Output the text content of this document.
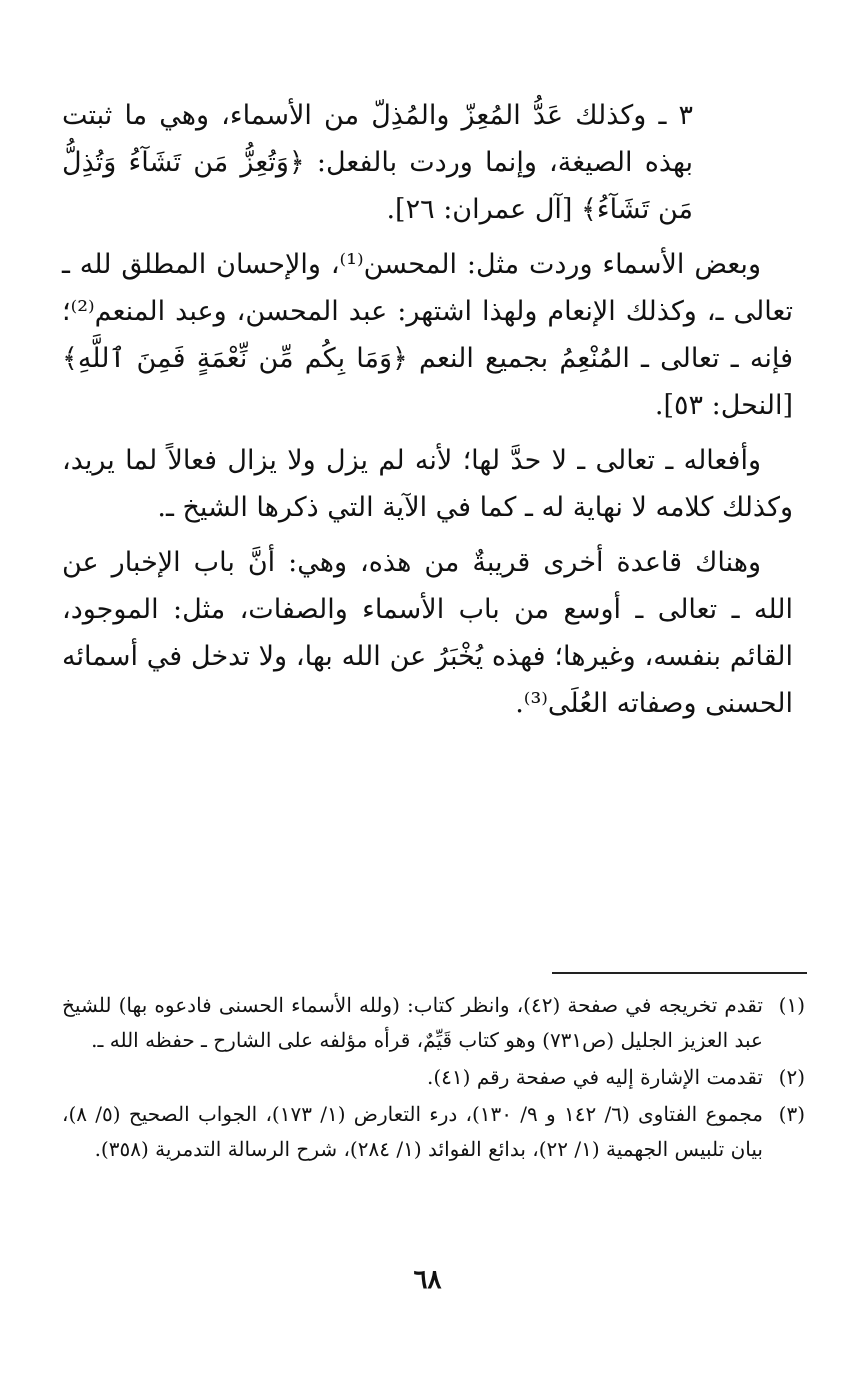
٣ ـ وكذلك عَدُّ المُعِزّ والمُذِلّ من الأسماء، وهي ما ثبتت بهذه الصيغة، وإنما وردت بالفعل: ﴿وَتُعِزُّ مَن تَشَآءُ وَتُذِلُّ مَن تَشَآءُ﴾ [آل عمران: ٢٦].

وبعض الأسماء وردت مثل: المحسن⁽¹⁾، والإحسان المطلق لله ـ تعالى ـ، وكذلك الإنعام ولهذا اشتهر: عبد المحسن، وعبد المنعم⁽²⁾؛ فإنه ـ تعالى ـ المُنْعِمُ بجميع النعم ﴿وَمَا بِكُم مِّن نِّعْمَةٍ فَمِنَ ٱللَّهِ﴾ [النحل: ٥٣].

وأفعاله ـ تعالى ـ لا حدَّ لها؛ لأنه لم يزل ولا يزال فعالاً لما يريد، وكذلك كلامه لا نهاية له ـ كما في الآية التي ذكرها الشيخ ـ.

وهناك قاعدة أخرى قريبةٌ من هذه، وهي: أنَّ باب الإخبار عن الله ـ تعالى ـ أوسع من باب الأسماء والصفات، مثل: الموجود، القائم بنفسه، وغيرها؛ فهذه يُخْبَرُ عن الله بها، ولا تدخل في أسمائه الحسنى وصفاته العُلَى⁽³⁾.

(١)
تقدم تخريجه في صفحة (٤٢)، وانظر كتاب: (ولله الأسماء الحسنى فادعوه بها) للشيخ عبد العزيز الجليل (ص٧٣١) وهو كتاب قَيِّمٌ، قرأه مؤلفه على الشارح ـ حفظه الله ـ.
(٢)
تقدمت الإشارة إليه في صفحة رقم (٤١).
(٣)
مجموع الفتاوى (٦/ ١٤٢ و ٩/ ١٣٠)، درء التعارض (١/ ١٧٣)، الجواب الصحيح (٥/ ٨)، بيان تلبيس الجهمية (١/ ٢٢)، بدائع الفوائد (١/ ٢٨٤)، شرح الرسالة التدمرية (٣٥٨).
٦٨
